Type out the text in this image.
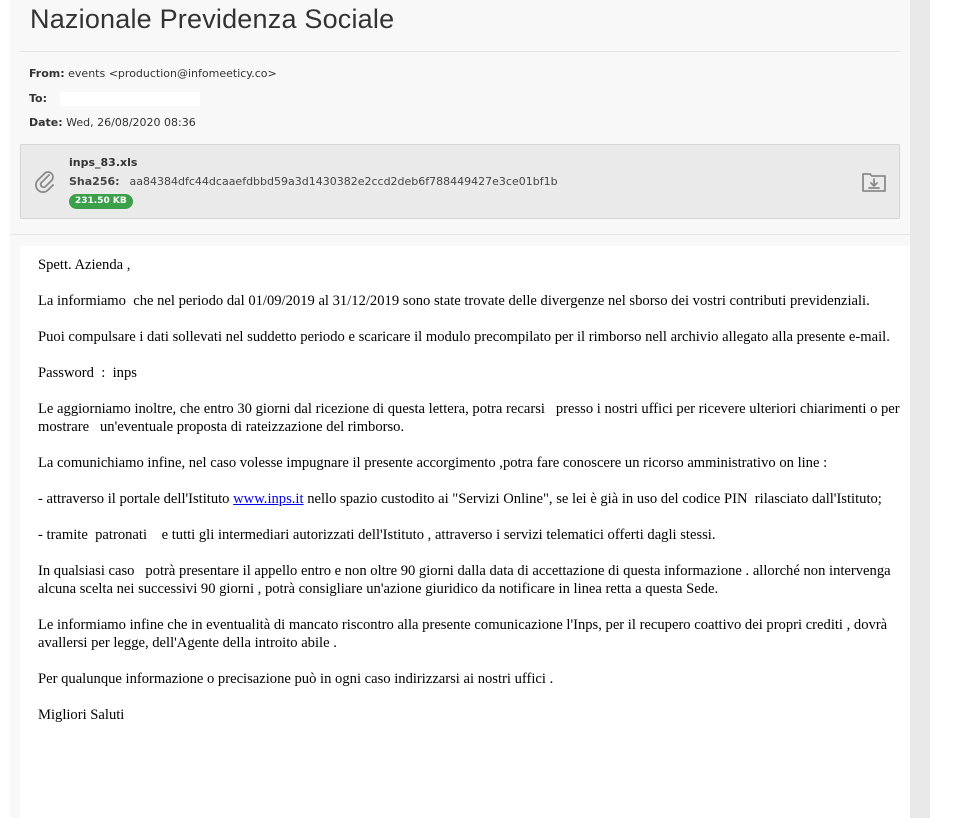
Nazionale Previdenza Sociale
From: events <production@infomeeticy.co>
To:
Date: Wed, 26/08/2020 08:36
inps_83.xls
Sha256: aa84384dfc44dcaaefdbbd59a3d1430382e2ccd2deb6f788449427e3ce01bf1b
231.50 KB

Spett. Azienda ,

La informiamo  che nel periodo dal 01/09/2019 al 31/12/2019 sono state trovate delle divergenze nel sborso dei vostri contributi previdenziali.

Puoi compulsare i dati sollevati nel suddetto periodo e scaricare il modulo precompilato per il rimborso nell archivio allegato alla presente e-mail.

Password  :  inps

Le aggiorniamo inoltre, che entro 30 giorni dal ricezione di questa lettera, potra recarsi   presso i nostri uffici per ricevere ulteriori chiarimenti o per mostrare   un'eventuale proposta di rateizzazione del rimborso.

La comunichiamo infine, nel caso volesse impugnare il presente accorgimento ,potra fare conoscere un ricorso amministrativo on line :

- attraverso il portale dell'Istituto www.inps.it nello spazio custodito ai "Servizi Online", se lei è già in uso del codice PIN  rilasciato dall'Istituto;

- tramite  patronati    e tutti gli intermediari autorizzati dell'Istituto , attraverso i servizi telematici offerti dagli stessi.

In qualsiasi caso   potrà presentare il appello entro e non oltre 90 giorni dalla data di accettazione di questa informazione . allorché non intervenga alcuna scelta nei successivi 90 giorni , potrà consigliare un'azione giuridico da notificare in linea retta a questa Sede.

Le informiamo infine che in eventualità di mancato riscontro alla presente comunicazione l'Inps, per il recupero coattivo dei propri crediti , dovrà avallersi per legge, dell'Agente della introito abile .

Per qualunque informazione o precisazione può in ogni caso indirizzarsi ai nostri uffici .

Migliori Saluti
